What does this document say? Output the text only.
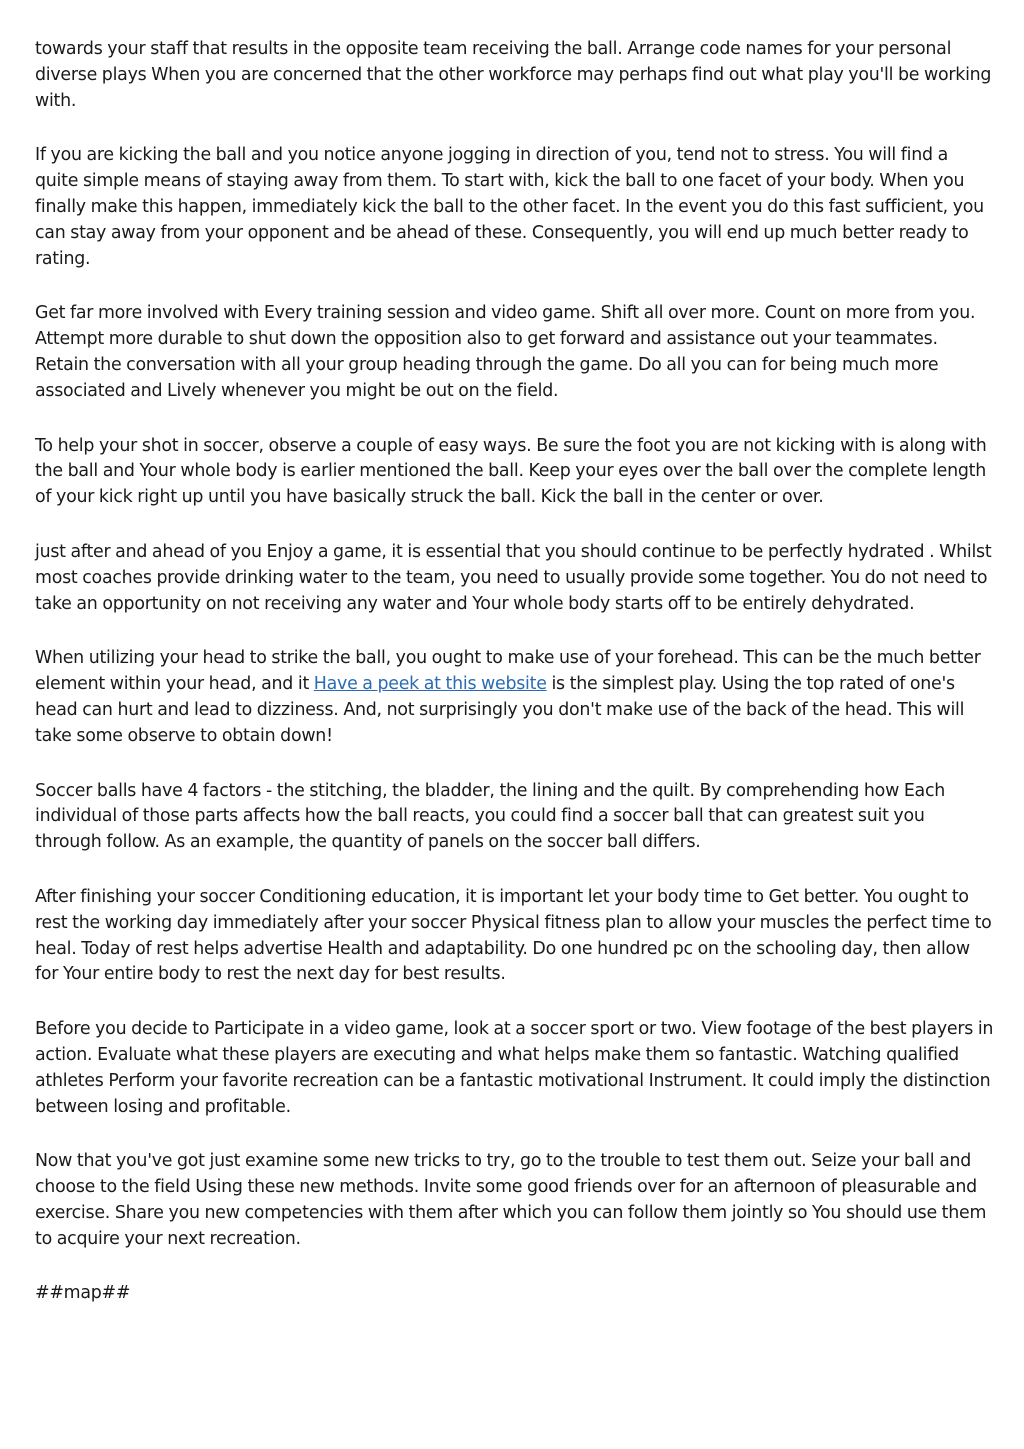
towards your staff that results in the opposite team receiving the ball. Arrange code names for your personal diverse plays When you are concerned that the other workforce may perhaps find out what play you'll be working with.

If you are kicking the ball and you notice anyone jogging in direction of you, tend not to stress. You will find a quite simple means of staying away from them. To start with, kick the ball to one facet of your body. When you finally make this happen, immediately kick the ball to the other facet. In the event you do this fast sufficient, you can stay away from your opponent and be ahead of these. Consequently, you will end up much better ready to rating.

Get far more involved with Every training session and video game. Shift all over more. Count on more from you. Attempt more durable to shut down the opposition also to get forward and assistance out your teammates. Retain the conversation with all your group heading through the game. Do all you can for being much more associated and Lively whenever you might be out on the field.

To help your shot in soccer, observe a couple of easy ways. Be sure the foot you are not kicking with is along with the ball and Your whole body is earlier mentioned the ball. Keep your eyes over the ball over the complete length of your kick right up until you have basically struck the ball. Kick the ball in the center or over.

just after and ahead of you Enjoy a game, it is essential that you should continue to be perfectly hydrated . Whilst most coaches provide drinking water to the team, you need to usually provide some together. You do not need to take an opportunity on not receiving any water and Your whole body starts off to be entirely dehydrated.

When utilizing your head to strike the ball, you ought to make use of your forehead. This can be the much better element within your head, and it Have a peek at this website is the simplest play. Using the top rated of one's head can hurt and lead to dizziness. And, not surprisingly you don't make use of the back of the head. This will take some observe to obtain down!

Soccer balls have 4 factors - the stitching, the bladder, the lining and the quilt. By comprehending how Each individual of those parts affects how the ball reacts, you could find a soccer ball that can greatest suit you through follow. As an example, the quantity of panels on the soccer ball differs.

After finishing your soccer Conditioning education, it is important let your body time to Get better. You ought to rest the working day immediately after your soccer Physical fitness plan to allow your muscles the perfect time to heal. Today of rest helps advertise Health and adaptability. Do one hundred pc on the schooling day, then allow for Your entire body to rest the next day for best results.

Before you decide to Participate in a video game, look at a soccer sport or two. View footage of the best players in action. Evaluate what these players are executing and what helps make them so fantastic. Watching qualified athletes Perform your favorite recreation can be a fantastic motivational Instrument. It could imply the distinction between losing and profitable.

Now that you've got just examine some new tricks to try, go to the trouble to test them out. Seize your ball and choose to the field Using these new methods. Invite some good friends over for an afternoon of pleasurable and exercise. Share you new competencies with them after which you can follow them jointly so You should use them to acquire your next recreation.

##map##
